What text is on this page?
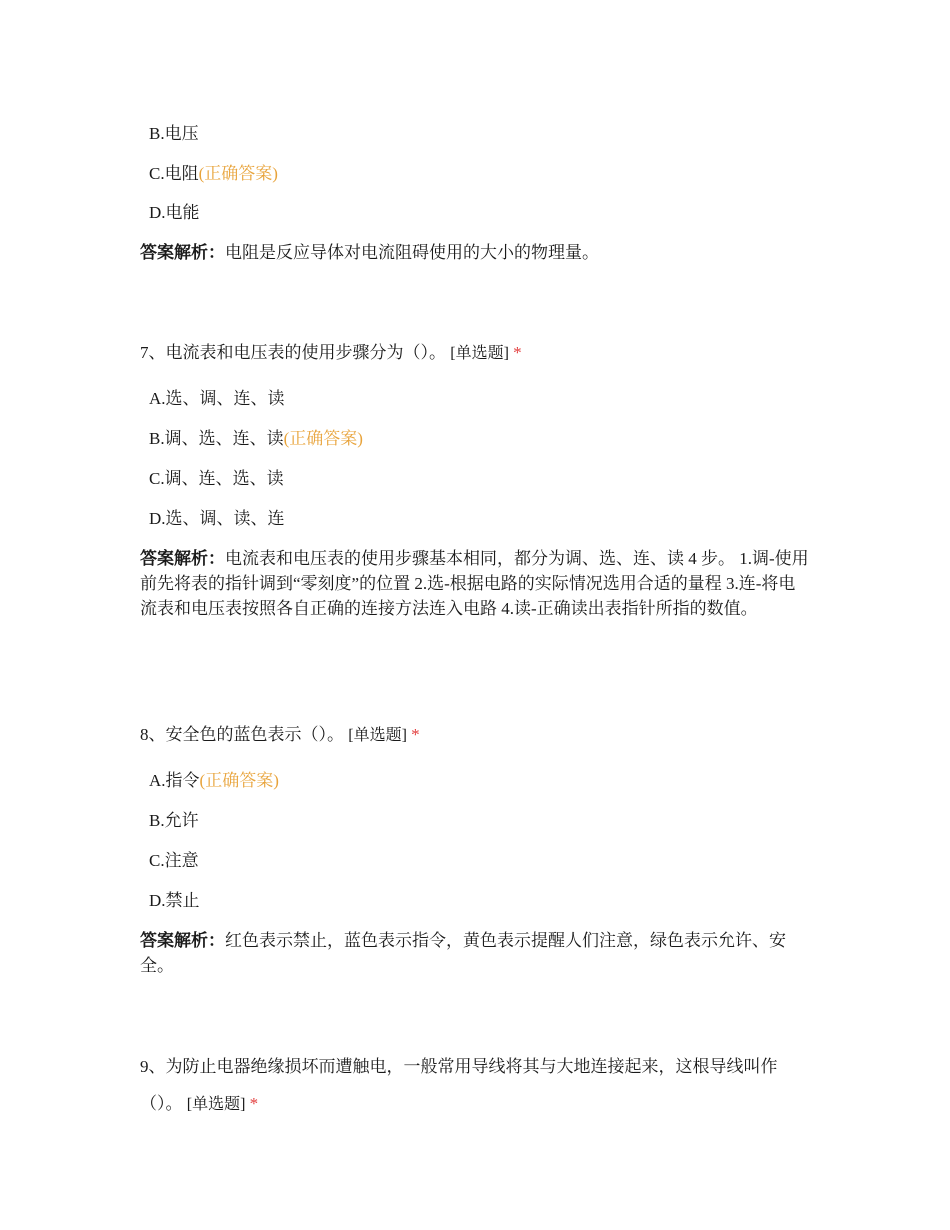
B.电压
C.电阻(正确答案)
D.电能
答案解析：电阻是反应导体对电流阻碍使用的大小的物理量。
7、电流表和电压表的使用步骤分为（）。 [单选题] *
A.选、调、连、读
B.调、选、连、读(正确答案)
C.调、连、选、读
D.选、调、读、连
答案解析：电流表和电压表的使用步骤基本相同，都分为调、选、连、读 4 步。 1.调-使用前先将表的指针调到“零刻度”的位置 2.选-根据电路的实际情况选用合适的量程 3.连-将电流表和电压表按照各自正确的连接方法连入电路 4.读-正确读出表指针所指的数值。
8、安全色的蓝色表示（）。 [单选题] *
A.指令(正确答案)
B.允许
C.注意
D.禁止
答案解析：红色表示禁止，蓝色表示指令，黄色表示提醒人们注意，绿色表示允许、安全。
9、为防止电器绝缘损坏而遭触电，一般常用导线将其与大地连接起来，这根导线叫作（）。 [单选题] *
